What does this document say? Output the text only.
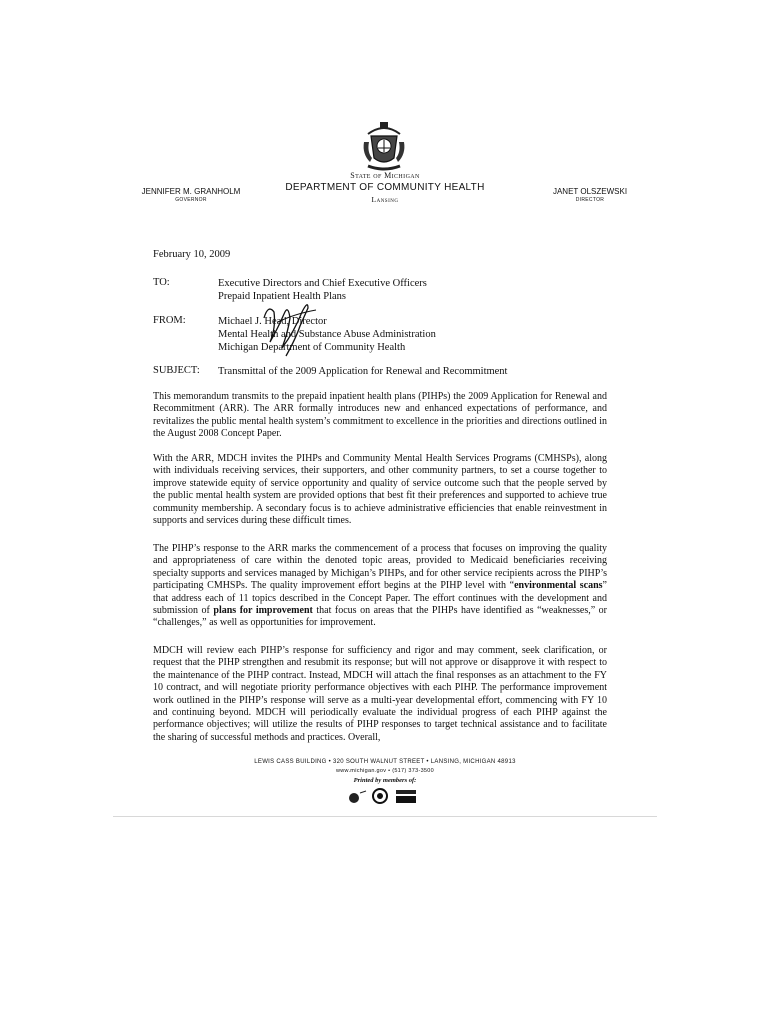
State of Michigan
DEPARTMENT OF COMMUNITY HEALTH
Lansing
JENNIFER M. GRANHOLM
GOVERNOR
JANET OLSZEWSKI
DIRECTOR
February 10, 2009
TO:	Executive Directors and Chief Executive Officers
Prepaid Inpatient Health Plans
FROM:	Michael J. Head, Director
Mental Health and Substance Abuse Administration
Michigan Department of Community Health
SUBJECT: Transmittal of the 2009 Application for Renewal and Recommitment

This memorandum transmits to the prepaid inpatient health plans (PIHPs) the 2009 Application for Renewal and Recommitment (ARR). The ARR formally introduces new and enhanced expectations of performance, and revitalizes the public mental health system’s commitment to excellence in the priorities and directions outlined in the August 2008 Concept Paper.

With the ARR, MDCH invites the PIHPs and Community Mental Health Services Programs (CMHSPs), along with individuals receiving services, their supporters, and other community partners, to set a course together to improve statewide equity of service opportunity and quality of service outcome such that the people served by the public mental health system are provided options that best fit their preferences and supported to achieve true community membership. A secondary focus is to achieve administrative efficiencies that enable reinvestment in supports and services during these difficult times.

The PIHP’s response to the ARR marks the commencement of a process that focuses on improving the quality and appropriateness of care within the denoted topic areas, provided to Medicaid beneficiaries receiving specialty supports and services managed by Michigan’s PIHPs, and for other service recipients across the PIHP’s participating CMHSPs. The quality improvement effort begins at the PIHP level with “environmental scans” that address each of 11 topics described in the Concept Paper. The effort continues with the development and submission of plans for improvement that focus on areas that the PIHPs have identified as “weaknesses,” or “challenges,” as well as opportunities for improvement.

MDCH will review each PIHP’s response for sufficiency and rigor and may comment, seek clarification, or request that the PIHP strengthen and resubmit its response; but will not approve or disapprove it with respect to the maintenance of the PIHP contract. Instead, MDCH will attach the final responses as an attachment to the FY 10 contract, and will negotiate priority performance objectives with each PIHP. The performance improvement work outlined in the PIHP’s response will serve as a multi-year developmental effort, commencing with FY 10 and continuing beyond. MDCH will periodically evaluate the individual progress of each PIHP against the performance objectives; will utilize the results of PIHP responses to target technical assistance and to facilitate the sharing of successful methods and practices. Overall,

LEWIS CASS BUILDING • 320 SOUTH WALNUT STREET • LANSING, MICHIGAN 48913
www.michigan.gov • (517) 373-3500
Printed by members of:
